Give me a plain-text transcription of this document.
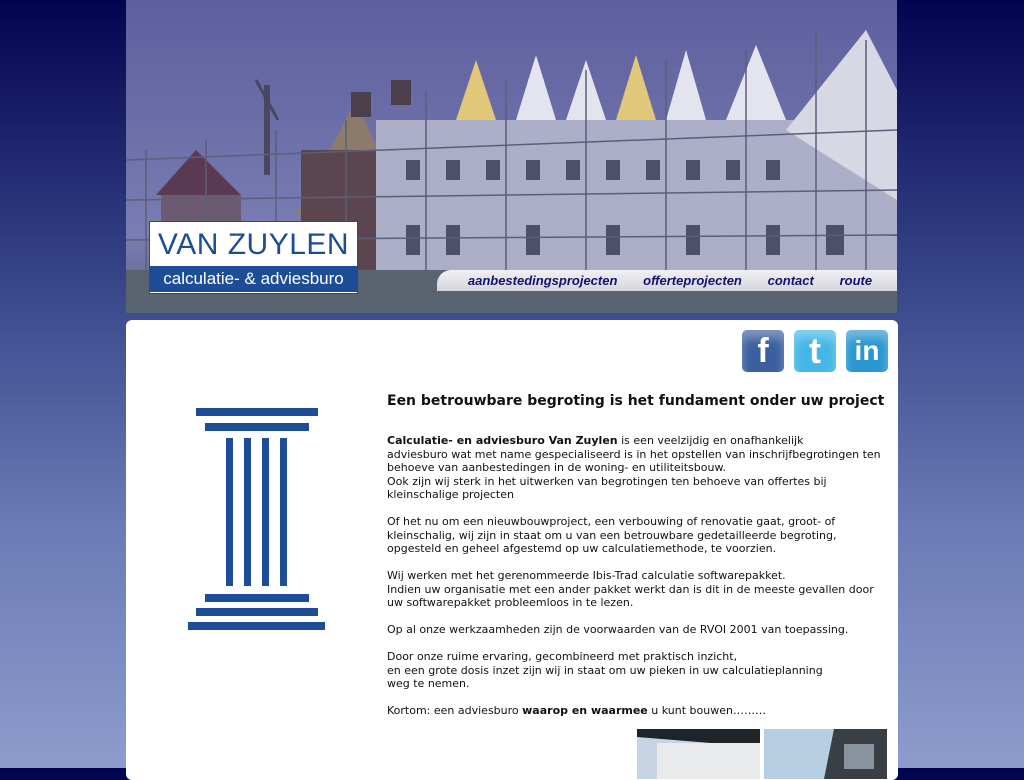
VAN ZUYLEN
calculatie- & adviesburo	aanbestedingsprojecten offerteprojecten contact route
f	t	in
Een betrouwbare begroting is het fundament onder uw project

Calculatie- en adviesburo Van Zuylen is een veelzijdig en onafhankelijk
adviesburo wat met name gespecialiseerd is in het opstellen van inschrijfbegrotingen ten behoeve van aanbestedingen in de woning- en utiliteitsbouw.
Ook zijn wij sterk in het uitwerken van begrotingen ten behoeve van offertes bij kleinschalige projecten

Of het nu om een nieuwbouwproject, een verbouwing of renovatie gaat, groot- of kleinschalig, wij zijn in staat om u van een betrouwbare gedetailleerde begroting, opgesteld en geheel afgestemd op uw calculatiemethode, te voorzien.

Wij werken met het gerenommeerde Ibis-Trad calculatie softwarepakket.
Indien uw organisatie met een ander pakket werkt dan is dit in de meeste gevallen door uw softwarepakket probleemloos in te lezen.

Op al onze werkzaamheden zijn de voorwaarden van de RVOI 2001 van toepassing.

Door onze ruime ervaring, gecombineerd met praktisch inzicht,
en een grote dosis inzet zijn wij in staat om uw pieken in uw calculatieplanning
weg te nemen.

Kortom: een adviesburo waarop en waarmee u kunt bouwen………
